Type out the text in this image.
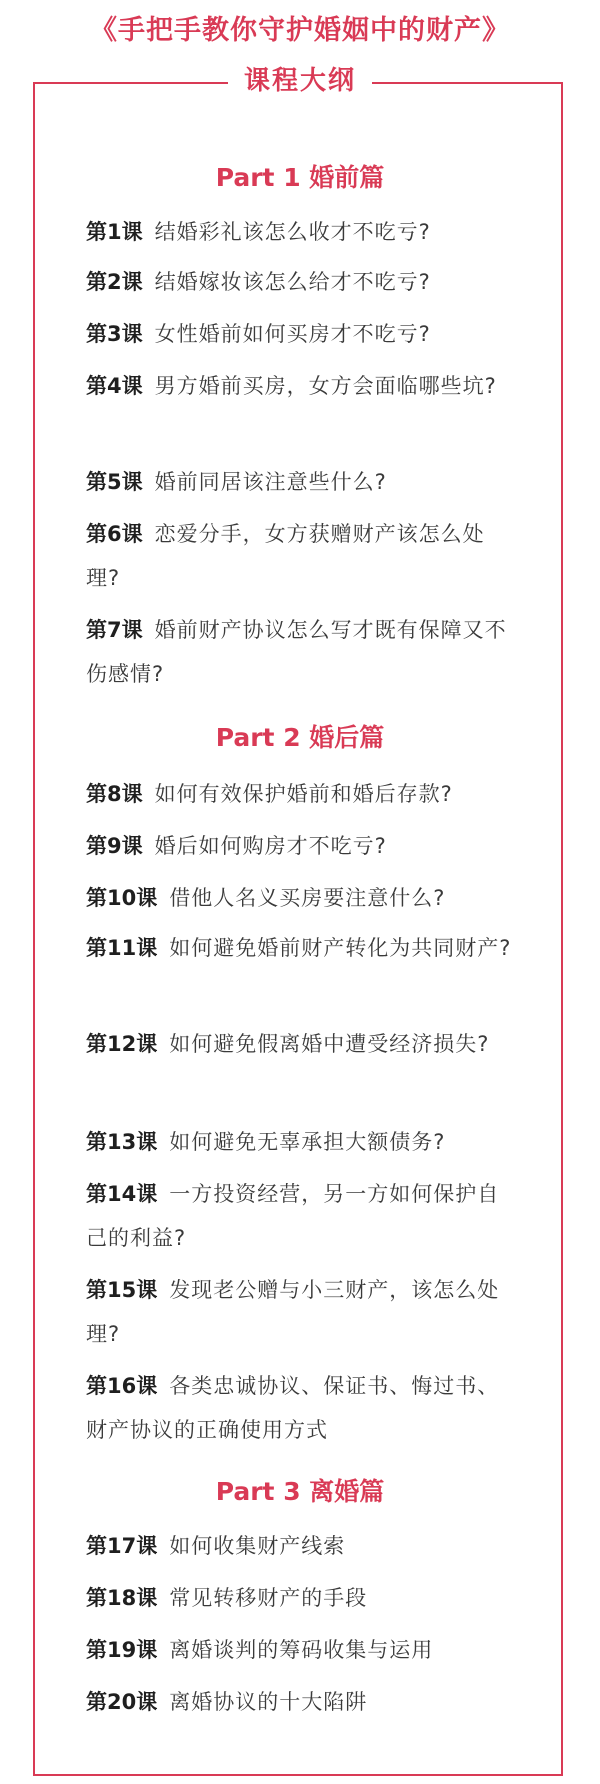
《手把手教你守护婚姻中的财产》
课程大纲
Part 1 婚前篇
第1课 结婚彩礼该怎么收才不吃亏?
第2课 结婚嫁妆该怎么给才不吃亏?
第3课 女性婚前如何买房才不吃亏?
第4课 男方婚前买房，女方会面临哪些坑?
第5课 婚前同居该注意些什么?
第6课 恋爱分手，女方获赠财产该怎么处理?
第7课 婚前财产协议怎么写才既有保障又不伤感情?
Part 2 婚后篇
第8课 如何有效保护婚前和婚后存款?
第9课 婚后如何购房才不吃亏?
第10课 借他人名义买房要注意什么?
第11课 如何避免婚前财产转化为共同财产?
第12课 如何避免假离婚中遭受经济损失?
第13课 如何避免无辜承担大额债务?
第14课 一方投资经营，另一方如何保护自己的利益?
第15课 发现老公赠与小三财产，该怎么处理?
第16课 各类忠诚协议、保证书、悔过书、财产协议的正确使用方式
Part 3 离婚篇
第17课 如何收集财产线索
第18课 常见转移财产的手段
第19课 离婚谈判的筹码收集与运用
第20课 离婚协议的十大陷阱
